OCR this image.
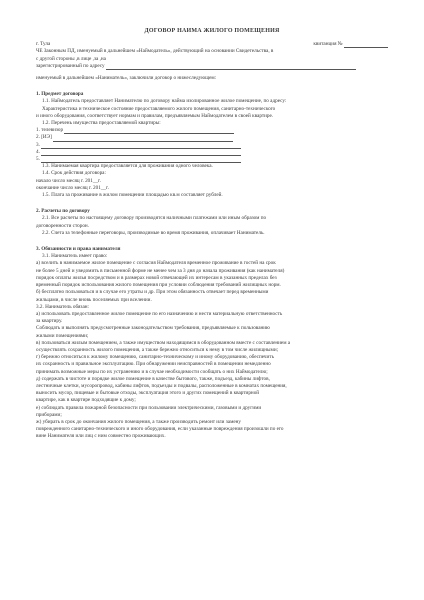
ДОГОВОР НАЙМА ЖИЛОГО ПОМЕЩЕНИЯ
г. Тула	квитанция №
ЧЕ Законным ПД, именуемый в дальнейшем «Наймодатель», действующий на основании Свидетельства, в
с другой стороны ,в лице ,за ,на
зарегистрированный по адресу
именуемый в дальнейшем «Наниматель», заключили договор о нижеследующем:
1. Предмет договора
1.1. Наймодатель предоставляет Нанимателю по договору найма изолированное жилое помещение, по адресу:
Характеристика и техническое состояние предоставляемого жилого помещения, санитарно-технического
и иного оборудования, соответствует нормам и правилам, предъявляемым Наймодателем в своей квартире.
1.2. Перечень имущества предоставляемой квартиры:
1. телевизор
2. [ИЭ]
3.
4.
5.
1.3. Нанимаемая квартира предоставляется для проживания одного человека.
1.4. Срок действия договора:
начало число месяц г. 201__г.
окончание число месяц г. 201__г.
1.5. Плата за проживание в жилом помещении площадью кв.м составляет рублей.
2. Расчеты по договору
2.1. Все расчеты по настоящему договору производятся наличными платежами или иным образом по
договоренности сторон.
2.2. Счета за телефонные переговоры, производимые во время проживания, оплачивает Наниматель.
3. Обязанности и права нанимателя
3.1. Наниматель имеет право:
а) вселить в нанимаемое жилое помещение с согласия Наймодателя временное проживание в гостей на срок
не более 5 дней и уведомить в письменной форме не менее чем за 3 дня до начала проживания (как нанимателя)
порядок оплаты жилья посредством и в размерах новой отвечающей их интересам в указанных пределах без
временный порядок использования жилого помещения при условии соблюдения требований жилищных норм.
б) бесплатно пользоваться и в случае его утраты и др. При этом обязанность отвечает перед временными
жильцами, в числе вновь поселяемых при вселении.
3.2. Наниматель обязан:
а) использовать предоставленное жилое помещение по его назначению и нести материальную ответственность
за квартиру.
Соблюдать и выполнять предусмотренные законодательством требования, предъявляемые к пользованию
жилыми помещениями;
в) пользоваться жилым помещением, а также имуществом находящимся в оборудованном вместе с составлением а
осуществлять сохранность жилого помещения, а также бережно относиться к нему в том числе жилищными;
г) бережно относиться к жилому помещению, санитарно-техническому и иному оборудованию, обеспечить
их сохранность и правильное эксплуатацию. При обнаружении неисправностей в помещении немедленно
принимать возможные меры по их устранению и в случае необходимости сообщать о них Наймодателю;
д) содержать в чистоте и порядке жилое помещение в качестве бытового, также, подъезд, кабины лифтов,
лестничные клетки, мусоропровод, кабины лифтов, подъезды и подвалы, расположенные в комнатах помещения,
выносить мусор, пищевые и бытовые отходы, эксплуатация этого и других помещений в квартирной
квартире, как в квартире подходящие к дому;
е) соблюдать правила пожарной безопасности при пользовании электрическими, газовыми и другими
приборами;
ж) убирать в срок до окончания жилого помещения, а также производить ремонт или замену
поврежденного санитарно-технического и иного оборудования, если указанные повреждения произошли по его
вине Нанимателя или лиц с ним совместно проживающих.
